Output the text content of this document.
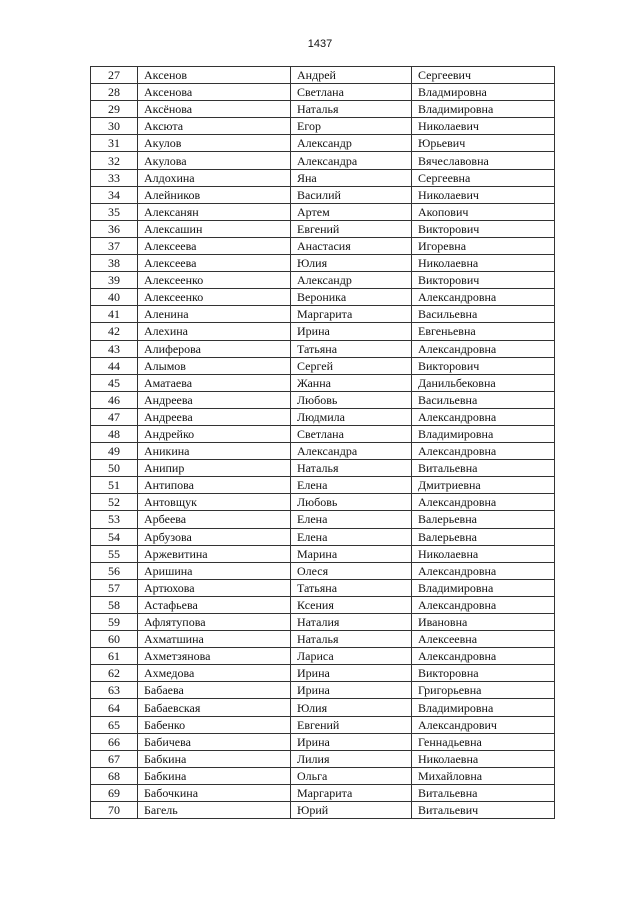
1437
27	Аксенов	Андрей	Сергеевич
28	Аксенова	Светлана	Владмировна
29	Аксёнова	Наталья	Владимировна
30	Аксюта	Егор	Николаевич
31	Акулов	Александр	Юрьевич
32	Акулова	Александра	Вячеславовна
33	Алдохина	Яна	Сергеевна
34	Алейников	Василий	Николаевич
35	Алексанян	Артем	Акопович
36	Алексашин	Евгений	Викторович
37	Алексеева	Анастасия	Игоревна
38	Алексеева	Юлия	Николаевна
39	Алексеенко	Александр	Викторович
40	Алексеенко	Вероника	Александровна
41	Аленина	Маргарита	Васильевна
42	Алехина	Ирина	Евгеньевна
43	Алиферова	Татьяна	Александровна
44	Алымов	Сергей	Викторович
45	Аматаева	Жанна	Данильбековна
46	Андреева	Любовь	Васильевна
47	Андреева	Людмила	Александровна
48	Андрейко	Светлана	Владимировна
49	Аникина	Александра	Александровна
50	Анипир	Наталья	Витальевна
51	Антипова	Елена	Дмитриевна
52	Антовщук	Любовь	Александровна
53	Арбеева	Елена	Валерьевна
54	Арбузова	Елена	Валерьевна
55	Аржевитина	Марина	Николаевна
56	Аришина	Олеся	Александровна
57	Артюхова	Татьяна	Владимировна
58	Астафьева	Ксения	Александровна
59	Афлятупова	Наталия	Ивановна
60	Ахматшина	Наталья	Алексеевна
61	Ахметзянова	Лариса	Александровна
62	Ахмедова	Ирина	Викторовна
63	Бабаева	Ирина	Григорьевна
64	Бабаевская	Юлия	Владимировна
65	Бабенко	Евгений	Александрович
66	Бабичева	Ирина	Геннадьевна
67	Бабкина	Лилия	Николаевна
68	Бабкина	Ольга	Михайловна
69	Бабочкина	Маргарита	Витальевна
70	Багель	Юрий	Витальевич
